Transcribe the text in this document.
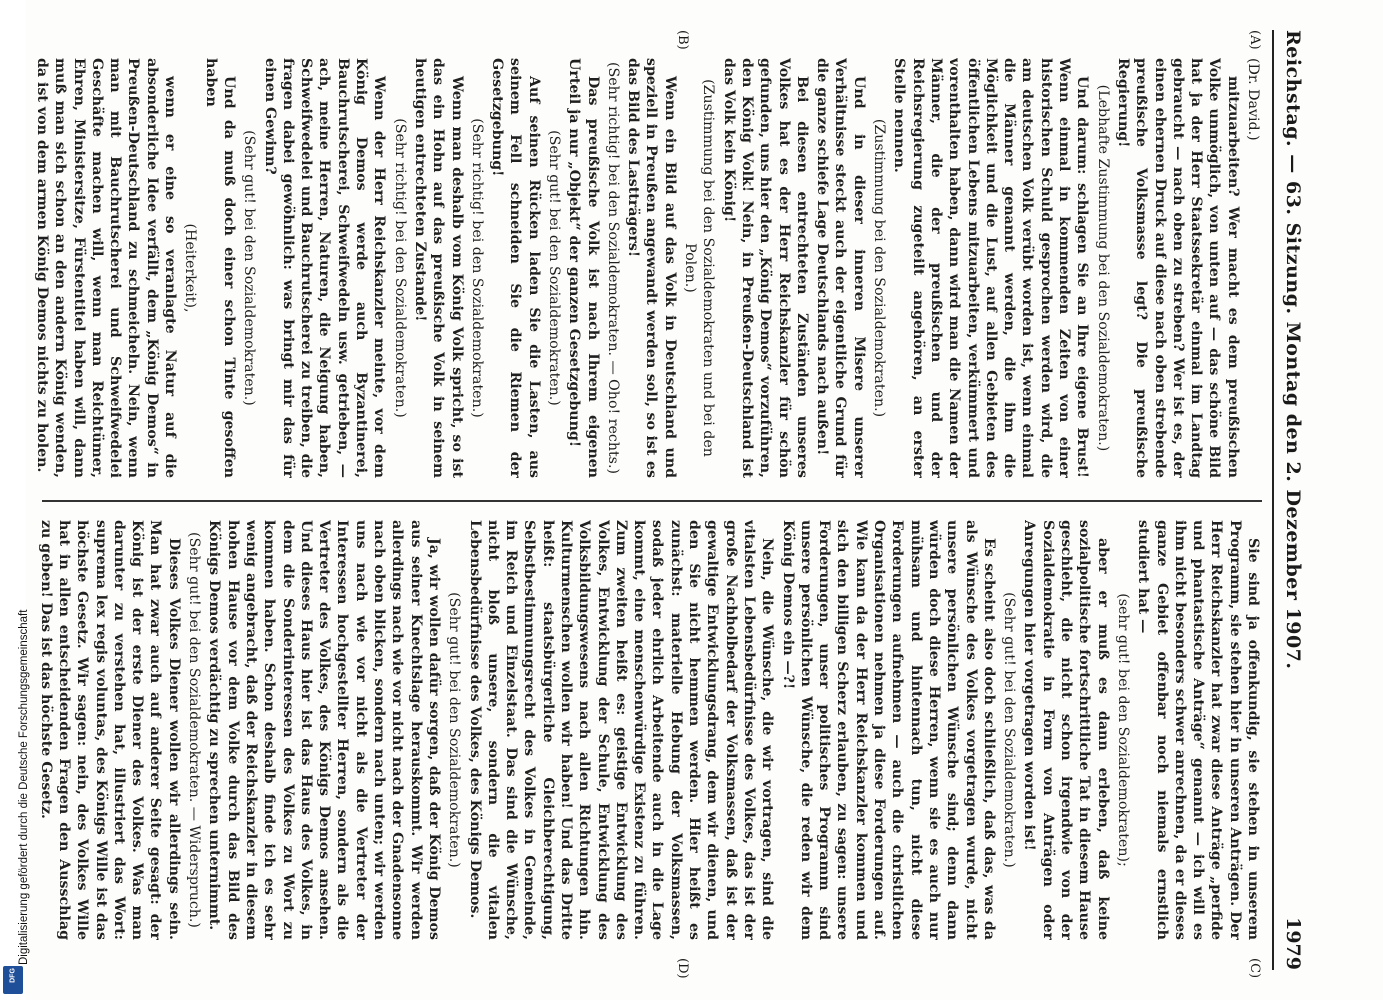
Digitalisierung gefördert durch die Deutsche Forschungsgemeinschaft
DFG
Reichstag. — 63. Sitzung. Montag den 2. Dezember 1907.
1979
(A)
(B)
(C)
(D)
(Dr. David.)

mitzuarbeiten? Wer macht es dem preußischen Volke unmöglich, von unten auf — das schöne Bild hat ja der Herr Staatssekretär einmal im Landtag gebraucht — nach oben zu streben? Wer ist es, der einen ehernen Druck auf diese nach oben strebende preußische Volksmasse legt? Die preußische Regierung!

(Lebhafte Zustimmung bei den Sozialdemokraten.)

Und darum: schlagen Sie an Ihre eigene Brust! Wenn einmal in kommenden Zeiten von einer historischen Schuld gesprochen werden wird, die am deutschen Volk verübt worden ist, wenn einmal die Männer genannt werden, die ihm die Möglichkeit und die Lust, auf allen Gebieten des öffentlichen Lebens mitzuarbeiten, verkümmert und vorenthalten haben, dann wird man die Namen der Männer, die der preußischen und der Reichsregierung zugeteilt angehören, an erster Stelle nennen.

(Zustimmung bei den Sozialdemokraten.)

Und in dieser inneren Misere unserer Verhältnisse steckt auch der eigentliche Grund für die ganze schiefe Lage Deutschlands nach außen!

Bei diesen entrechteten Zuständen unseres Volkes hat es der Herr Reichskanzler für schön gefunden, uns hier den „König Demos“ vorzuführen, den König Volk! Nein, in Preußen-Deutschland ist das Volk kein König!

(Zustimmung bei den Sozialdemokraten und bei den Polen.)

Wenn ein Bild auf das Volk in Deutschland und speziell in Preußen angewandt werden soll, so ist es das Bild des Lastträgers!

(Sehr richtig! bei den Sozialdemokraten. — Oho! rechts.)

Das preußische Volk ist nach Ihrem eigenen Urteil ja nur „Objekt“ der ganzen Gesetzgebung!

(Sehr gut! bei den Sozialdemokraten.)

Auf seinen Rücken laden Sie die Lasten, aus seinem Fell schneiden Sie die Riemen der Gesetzgebung!

(Sehr richtig! bei den Sozialdemokraten.)

Wenn man deshalb vom König Volk spricht, so ist das ein Hohn auf das preußische Volk in seinem heutigen entrechteten Zustande!

(Sehr richtig! bei den Sozialdemokraten.)

Wenn der Herr Reichskanzler meinte, vor dem König Demos werde auch Byzantinerei, Bauchrutscherei, Schweifwedeln usw. getrieben, — ach, meine Herren, Naturen, die Neigung haben, Schweifwedelei und Bauchrutscherei zu treiben, die fragen dabei gewöhnlich: was bringt mir das für einen Gewinn?

(Sehr gut! bei den Sozialdemokraten.)

Und da muß doch einer schon Tinte gesoffen haben

(Heiterkeit),

wenn er eine so veranlagte Natur auf die absonderliche Idee verfällt, dem „König Demos“ in Preußen-Deutschland zu schmeicheln. Nein, wenn man mit Bauchrutscherei und Schweifwedelei Geschäfte machen will, wenn man Reichtümer, Ehren, Ministersitze, Fürstentitel haben will, dann muß man sich schon an den andern König wenden, da ist von dem armen König Demos nichts zu holen.

Sie sind ja offenkundig, sie stehen in unserem Programm, sie stehen hier in unseren Anträgen. Der Herr Reichskanzler hat zwar diese Anträge „perfide und phantastische Anträge“ genannt — ich will es ihm nicht besonders schwer anrechnen, da er dieses ganze Gebiet offenbar noch niemals ernstlich studiert hat —

(sehr gut! bei den Sozialdemokraten);

aber er muß es dann erleben, daß keine sozialpolitische fortschrittliche Tat in diesem Hause geschieht, die nicht schon irgendwie von der Sozialdemokratie in Form von Anträgen oder Anregungen hier vorgetragen worden ist!

(Sehr gut! bei den Sozialdemokraten.)

Es scheint also doch schließlich, daß das, was da als Wünsche des Volkes vorgetragen wurde, nicht unsere persönlichen Wünsche sind; denn dann würden doch diese Herren, wenn sie es auch nur mühsam und hintennach tun, nicht diese Forderungen aufnehmen — auch die christlichen Organisationen nehmen ja diese Forderungen auf. Wie kann da der Herr Reichskanzler kommen und sich den billigen Scherz erlauben, zu sagen: unsere Forderungen, unser politisches Programm sind unsere persönlichen Wünsche, die reden wir dem König Demos ein —?!

Nein, die Wünsche, die wir vortragen, sind die vitalsten Lebensbedürfnisse des Volkes, das ist der große Nachholbedarf der Volksmassen, daß ist der gewaltige Entwicklungsdrang, dem wir dienen, und den Sie nicht hemmen werden. Hier heißt es zunächst: materielle Hebung der Volksmassen, sodaß jeder ehrlich Arbeitende auch in die Lage kommt, eine menschenwürdige Existenz zu führen. Zum zweiten heißt es: geistige Entwicklung des Volkes, Entwicklung der Schule, Entwicklung des Volksbildungswesens nach allen Richtungen hin. Kulturmenschen wollen wir haben! Und das Dritte heißt: staatsbürgerliche Gleichberechtigung, Selbstbestimmungsrecht des Volkes in Gemeinde, im Reich und Einzelstaat. Das sind die Wünsche, nicht bloß unsere, sondern die vitalen Lebensbedürfnisse des Volkes, des Königs Demos.

(Sehr gut! bei den Sozialdemokraten.)

Ja, wir wollen dafür sorgen, daß der König Demos aus seiner Knechtslage herauskommt. Wir werden allerdings nach wie vor nicht nach der Gnadensonne nach oben blicken, sondern nach unten; wir werden uns nach wie vor nicht als die Vertreter der Interessen hochgestellter Herren, sondern als die Vertreter des Volkes, des Königs Demos ansehen. Und dieses Haus hier ist das Haus des Volkes, in dem die Sonderinteressen des Volkes zu Wort zu kommen haben. Schon deshalb finde ich es sehr wenig angebracht, daß der Reichskanzler in diesem hohen Hause vor dem Volke durch das Bild des Königs Demos verdächtig zu sprechen unternimmt.

(Sehr gut! bei den Sozialdemokraten. — Widerspruch.)

Dieses Volkes Diener wollen wir allerdings sein. Man hat zwar auch auf anderer Seite gesagt: der König ist der erste Diener des Volkes. Was man darunter zu verstehen hat, illustriert das Wort: suprema lex regis voluntas, des Königs Wille ist das höchste Gesetz. Wir sagen: nein, des Volkes Wille hat in allen entscheidenden Fragen den Ausschlag zu geben! Das ist das höchste Gesetz.
